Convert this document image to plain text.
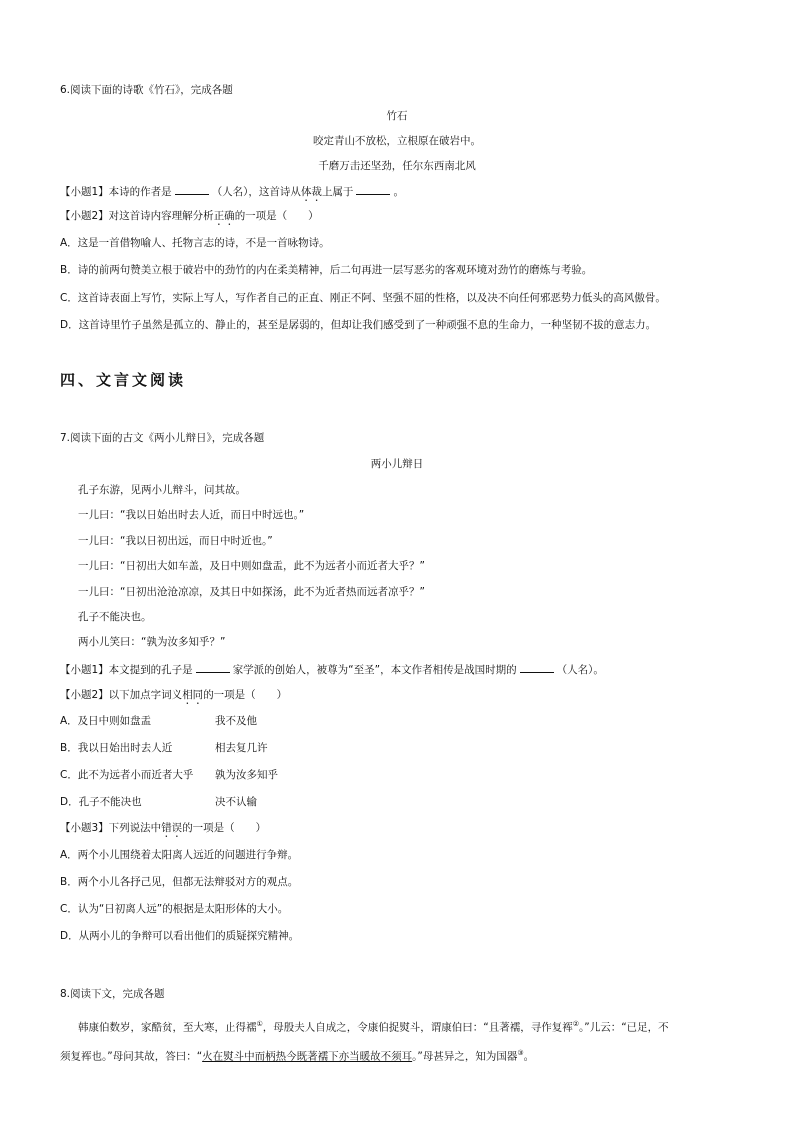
6.阅读下面的诗歌《竹石》，完成各题
竹石
咬定青山不放松，立根原在破岩中。
千磨万击还坚劲，任尔东西南北风
【小题1】本诗的作者是	（人名），这首诗从体裁上属于	。
【小题2】对这首诗内容理解分析正确的一项是（　　）
A．这是一首借物喻人、托物言志的诗，不是一首咏物诗。
B．诗的前两句赞美立根于破岩中的劲竹的内在柔美精神，后二句再进一层写恶劣的客观环境对劲竹的磨炼与考验。
C．这首诗表面上写竹，实际上写人，写作者自己的正直、刚正不阿、坚强不屈的性格，以及决不向任何邪恶势力低头的高风傲骨。
D．这首诗里竹子虽然是孤立的、静止的，甚至是孱弱的，但却让我们感受到了一种顽强不息的生命力，一种坚韧不拔的意志力。
四、文言文阅读
7.阅读下面的古文《两小儿辩日》，完成各题
两小儿辩日
孔子东游，见两小儿辩斗，问其故。
一儿曰：“我以日始出时去人近，而日中时远也。”
一儿曰：“我以日初出远，而日中时近也。”
一儿曰：“日初出大如车盖，及日中则如盘盂，此不为远者小而近者大乎？”
一儿曰：“日初出沧沧凉凉，及其日中如探汤，此不为近者热而远者凉乎？”
孔子不能决也。
两小儿笑曰：“孰为汝多知乎？”
【小题1】本文提到的孔子是	家学派的创始人，被尊为“至圣”，本文作者相传是战国时期的	（人名）。
【小题2】以下加点字词义相同的一项是（　　）
A．及日中则如盘盂	我不及他
B．我以日始出时去人近	相去复几许
C．此不为远者小而近者大乎 孰为汝多知乎
D．孔子不能决也	决不认输
【小题3】下列说法中错误的一项是（　　）
A．两个小儿围绕着太阳离人远近的问题进行争辩。
B．两个小儿各抒己见，但都无法辩驳对方的观点。
C．认为“日初离人远”的根据是太阳形体的大小。
D．从两小儿的争辩可以看出他们的质疑探究精神。
8.阅读下文，完成各题
韩康伯数岁，家酷贫，至大寒，止得襦①，母殷夫人自成之，令康伯捉熨斗，谓康伯曰：“且著襦，寻作复裈②。”儿云：“已足，不
须复裈也。”母问其故，答曰：“火在熨斗中而柄热今既著襦下亦当暖故不须耳。”母甚异之，知为国器③。
